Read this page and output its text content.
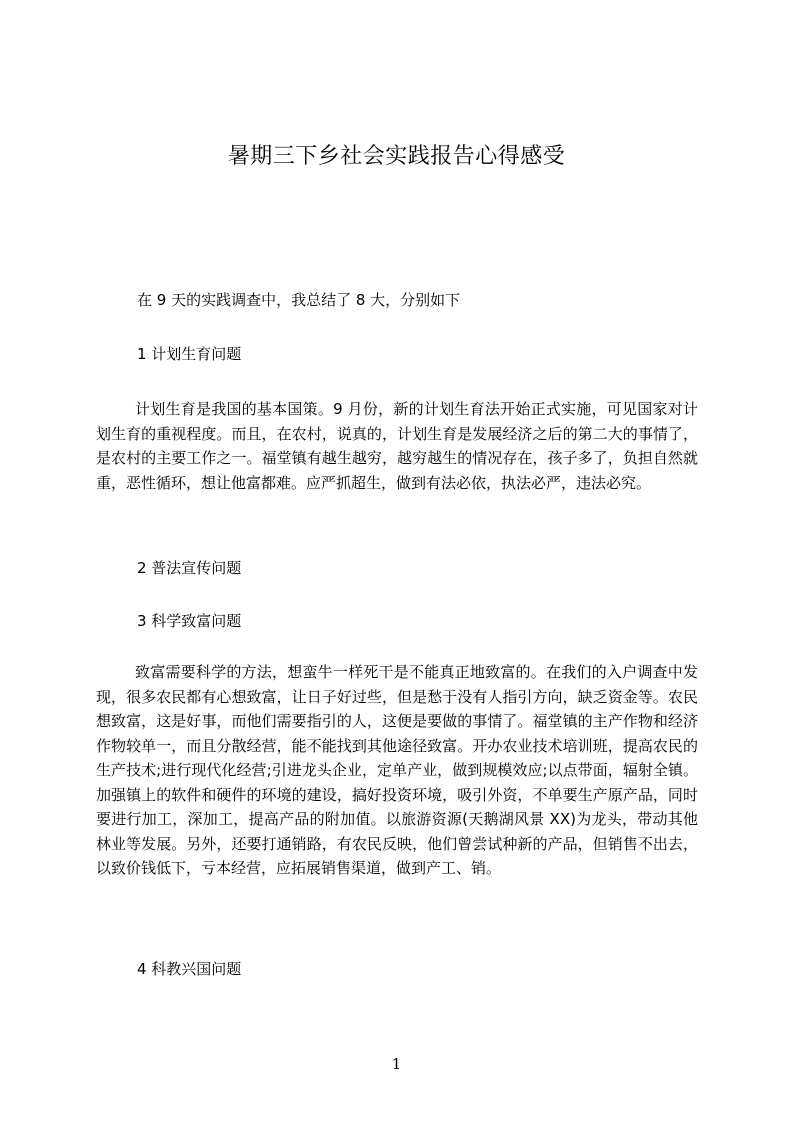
暑期三下乡社会实践报告心得感受
在 9 天的实践调查中，我总结了 8 大，分别如下
1 计划生育问题
计划生育是我国的基本国策。9 月份，新的计划生育法开始正式实施，可见国家对计划生育的重视程度。而且，在农村，说真的，计划生育是发展经济之后的第二大的事情了，是农村的主要工作之一。福堂镇有越生越穷，越穷越生的情况存在，孩子多了，负担自然就重，恶性循环，想让他富都难。应严抓超生，做到有法必依，执法必严，违法必究。
2 普法宣传问题
3 科学致富问题
致富需要科学的方法，想蛮牛一样死干是不能真正地致富的。在我们的入户调查中发现，很多农民都有心想致富，让日子好过些，但是愁于没有人指引方向，缺乏资金等。农民想致富，这是好事，而他们需要指引的人，这便是要做的事情了。福堂镇的主产作物和经济作物较单一，而且分散经营，能不能找到其他途径致富。开办农业技术培训班，提高农民的生产技术;进行现代化经营;引进龙头企业，定单产业，做到规模效应;以点带面，辐射全镇。加强镇上的软件和硬件的环境的建设，搞好投资环境，吸引外资，不单要生产原产品，同时要进行加工，深加工，提高产品的附加值。以旅游资源(天鹅湖风景 XX)为龙头，带动其他林业等发展。另外，还要打通销路，有农民反映，他们曾尝试种新的产品，但销售不出去，以致价钱低下，亏本经营，应拓展销售渠道，做到产工、销。
4 科教兴国问题
1
